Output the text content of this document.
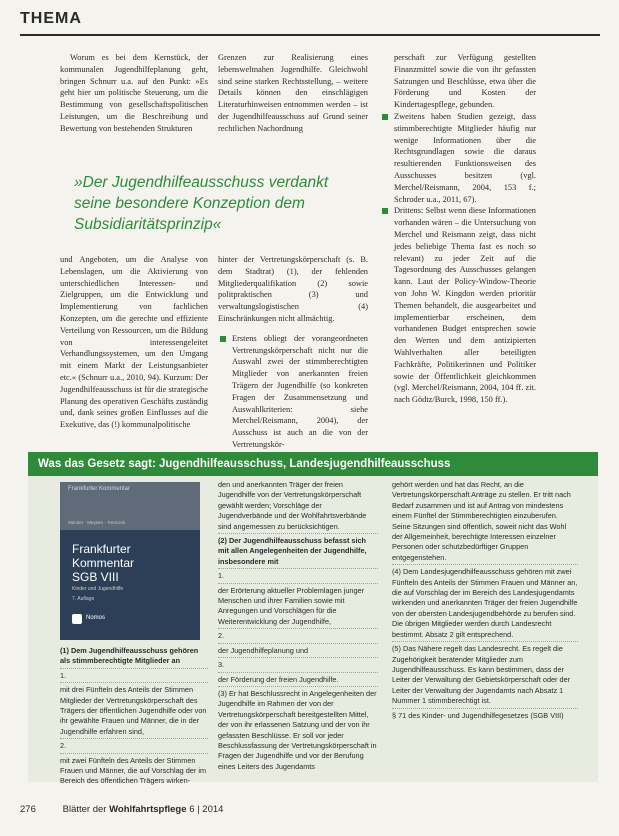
THEMA

Worum es bei dem Kernstück, der kommunalen Jugendhilfeplanung geht, bringen Schnurr u.a. auf den Punkt: »Es geht hier um politische Steuerung, um die Bestimmung von gesellschaftspolitischen Leistungen, um die Beschreibung und Bewertung von bestehenden Strukturen

Grenzen zur Realisierung eines lebensweltnahen Jugendhilfe. Gleichwohl sind seine starken Rechtsstellung, – weitere Details können den einschlägigen Literaturhinweisen entnommen werden – ist der Jugendhilfeausschuss auf Grund seiner rechtlichen Nachordnung

perschaft zur Verfügung gestellten Finanzmittel sowie die von ihr gefassten Satzungen und Beschlüsse, etwa über die Förderung und Kosten der Kindertagespflege, gebunden.

Zweitens haben Studien gezeigt, dass stimmberechtigte Mitglieder häufig nur wenige Informationen über die Rechtsgrundlagen sowie die daraus resultierenden Funktionsweisen des Ausschusses besitzen (vgl. Merchel/Reismann, 2004, 153 f.; Schroder u.a., 2011, 67).
Drittens: Selbst wenn diese Informationen vorhanden wären – die Untersuchung von Merchel und Reismann zeigt, dass nicht jedes beliebige Thema fast es noch so relevant) zu jeder Zeit auf die Tagesordnung des Ausschusses gelangen kann. Laut der Policy-Window-Theorie von John W. Kingdon werden prioritär Themen behandelt, die ausgearbeitet und implementierbar erscheinen, dem vorhandenen Budget entsprechen sowie den Werten und dem antizipierten Wahlverhalten aller beteiligten Fachkräfte, Politikerinnen und Politiker sowie der Öffentlichkeit gleichkommen (vgl. Merchel/Reismann, 2004, 104 ff. zit. nach Gödtz/Burck, 1998, 150 ff.).
»Der Jugendhilfeausschuss verdankt seine besondere Konzeption dem Subsidiaritätsprinzip«

und Angeboten, um die Analyse von Lebenslagen, um die Aktivierung von unterschiedlichen Interessen- und Zielgruppen, um die Entwicklung und Implementierung von fachlichen Konzepten, um die gerechte und effiziente Verteilung von Ressourcen, um die Bildung von interessengeleitet Verhandlungssystemen, um den Umgang mit einem Markt der Leistungsanbieter etc.« (Schnurr u.a., 2010, 94). Kurzum: Der Jugendhilfeausschuss ist für die strategische Planung des operativen Geschäfts zuständig und, dank seines großen Einflusses auf die Exekutive, das (!) kommunalpolitische

hinter der Vertretungskörperschaft (s. B. dem Stadtrat) (1), der fehlenden Mitgliederqualifikation (2) sowie politpraktischen (3) und verwaltungslogistischen (4) Einschränkungen nicht allmächtig.

Erstens obliegt der vorangeordneten Vertretungskörperschaft nicht nur die Auswahl zwei der stimmberechtigten Mitglieder von anerkannten freien Trägern der Jugendhilfe (so konkreten Fragen der Zusammensetzung und Auswahlkriterien: siehe Merchel/Reismann, 2004), der Ausschuss ist auch an die von der Vertretungskör-
Was das Gesetz sagt: Jugendhilfeausschuss, Landesjugendhilfeausschuss
Frankfurter Kommentar
Münder · Meysen · Trenczek
Frankfurter
Kommentar
SGB VIII
Kinder und Jugendhilfe
7. Auflage
Nomos

(1) Dem Jugendhilfeausschuss gehören als stimmberechtigte Mitglieder an

1.

mit drei Fünfteln des Anteils der Stimmen Mitglieder der Vertretungskörperschaft des Trägers der öffentlichen Jugendhilfe oder von ihr gewählte Frauen und Männer, die in der Jugendhilfe erfahren sind,

2.

mit zwei Fünfteln des Anteils der Stimmen Frauen und Männer, die auf Vorschlag der im Bereich des öffentlichen Trägers wirken-

den und anerkannten Träger der freien Jugendhilfe von der Vertretungskörperschaft gewählt werden; Vorschläge der Jugendverbände und der Wohlfahrtsverbände sind angemessen zu berücksichtigen.

(2) Der Jugendhilfeausschuss befasst sich mit allen Angelegenheiten der Jugendhilfe, insbesondere mit

1.

der Erörterung aktueller Problemlagen junger Menschen und ihrer Familien sowie mit Anregungen und Vorschlägen für die Weiterentwicklung der Jugendhilfe,

2.

der Jugendhilfeplanung und

3.

der Förderung der freien Jugendhilfe.

(3) Er hat Beschlussrecht in Angelegenheiten der Jugendhilfe im Rahmen der von der Vertretungskörperschaft bereitgestellten Mittel, der von ihr erlassenen Satzung und der von ihr gefassten Beschlüsse. Er soll vor jeder Beschlussfassung der Vertretungskörperschaft in Fragen der Jugendhilfe und vor der Berufung eines Leiters des Jugendamts

gehört werden und hat das Recht, an die Vertretungskörperschaft Anträge zu stellen. Er tritt nach Bedarf zusammen und ist auf Antrag von mindestens einem Fünftel der Stimmberechtigten einzuberufen. Seine Sitzungen sind öffentlich, soweit nicht das Wohl der Allgemeinheit, berechtigte Interessen einzelner Personen oder schutzbedürftiger Gruppen entgegenstehen.

(4) Dem Landesjugendhilfeausschuss gehören mit zwei Fünfteln des Anteils der Stimmen Frauen und Männer an, die auf Vorschlag der im Bereich des Landesjugendamts wirkenden und anerkannten Träger der freien Jugendhilfe von der obersten Landesjugendbehörde zu berufen sind. Die übrigen Mitglieder werden durch Landesrecht bestimmt. Absatz 2 gilt entsprechend.

(5) Das Nähere regelt das Landesrecht. Es regelt die Zugehörigkeit beratender Mitglieder zum Jugendhilfeausschuss. Es kann bestimmen, dass der Leiter der Verwaltung der Gebietskörperschaft oder der Leiter der Verwaltung der Jugendamts nach Absatz 1 Nummer 1 stimmberechtigt ist.

§ 71 des Kinder- und Jugendhilfegesetzes (SGB VIII)

276	Blätter der Wohlfahrtspflege 6 | 2014
